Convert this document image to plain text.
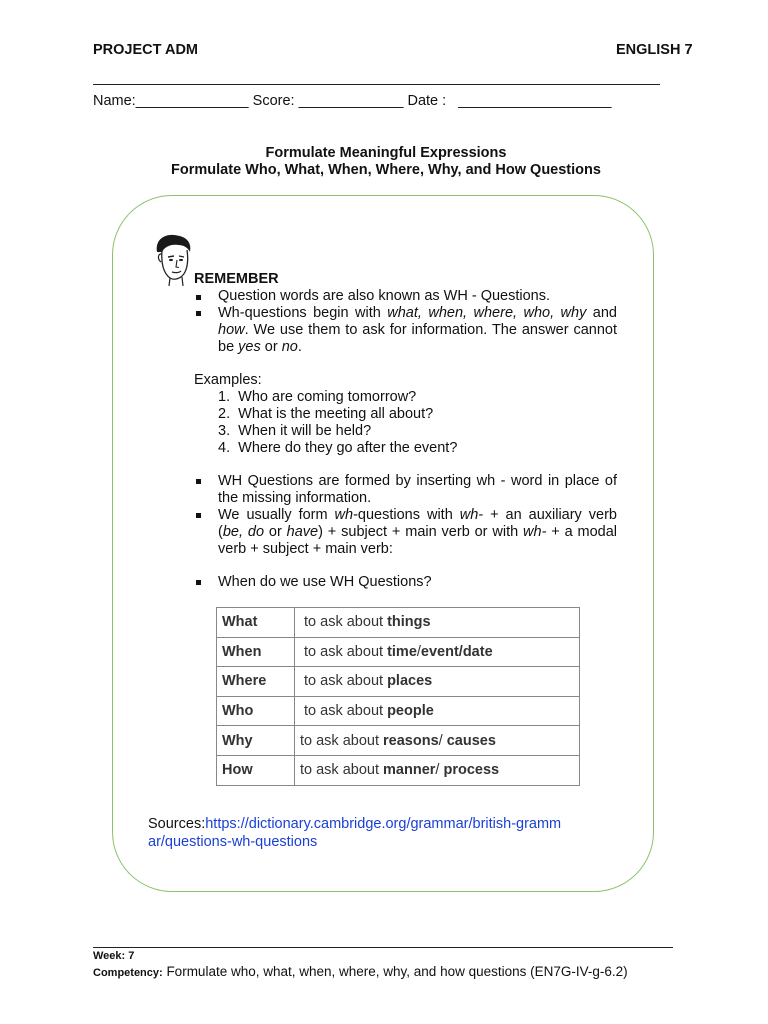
PROJECT ADM	ENGLISH 7
Name:______________ Score: _____________ Date : ___________________
Formulate Meaningful Expressions
Formulate Who, What, When, Where, Why, and How Questions
REMEMBER
Question words are also known as WH - Questions.
Wh-questions begin with what, when, where, who, why and how. We use them to ask for information. The answer cannot be yes or no.
Examples:
1.  Who are coming tomorrow?
2.  What is the meeting all about?
3.  When it will be held?
4.  Where do they go after the event?
WH Questions are formed by inserting wh - word in place of the missing information.
We usually form wh-questions with wh- + an auxiliary verb (be, do or have) + subject + main verb or with wh- + a modal verb + subject + main verb:
When do we use WH Questions?
What	to ask about things
When	to ask about time/event/date
Where	to ask about places
Who	to ask about people
Why	to ask about reasons/ causes
How	to ask about manner/ process
Sources:https://dictionary.cambridge.org/grammar/british-grammar/questions-wh-questions
Week: 7
Competency: Formulate who, what, when, where, why, and how questions (EN7G-IV-g-6.2)
